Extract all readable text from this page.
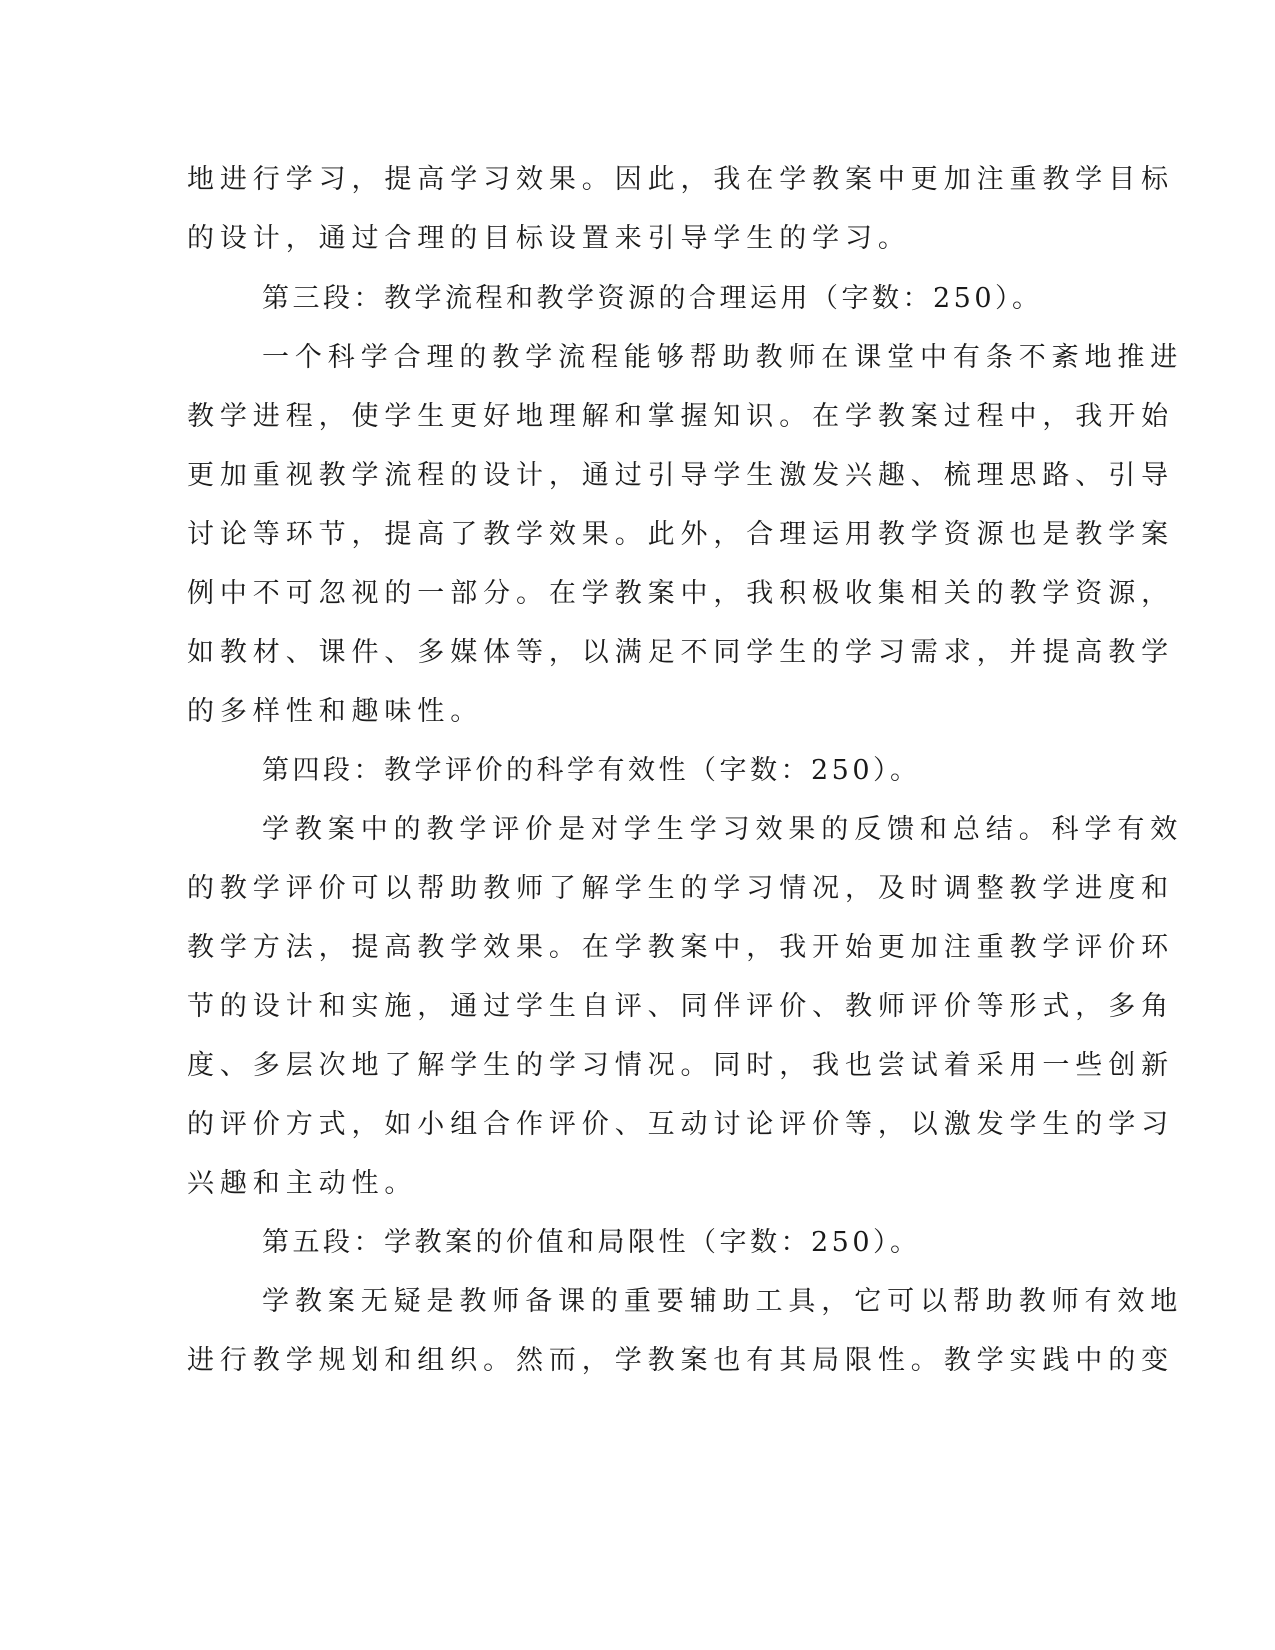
地进行学习，提高学习效果。因此，我在学教案中更加注重教学目标

的设计，通过合理的目标设置来引导学生的学习。

第三段：教学流程和教学资源的合理运用（字数：250）。

一个科学合理的教学流程能够帮助教师在课堂中有条不紊地推进

教学进程，使学生更好地理解和掌握知识。在学教案过程中，我开始

更加重视教学流程的设计，通过引导学生激发兴趣、梳理思路、引导

讨论等环节，提高了教学效果。此外，合理运用教学资源也是教学案

例中不可忽视的一部分。在学教案中，我积极收集相关的教学资源，

如教材、课件、多媒体等，以满足不同学生的学习需求，并提高教学

的多样性和趣味性。

第四段：教学评价的科学有效性（字数：250）。

学教案中的教学评价是对学生学习效果的反馈和总结。科学有效

的教学评价可以帮助教师了解学生的学习情况，及时调整教学进度和

教学方法，提高教学效果。在学教案中，我开始更加注重教学评价环

节的设计和实施，通过学生自评、同伴评价、教师评价等形式，多角

度、多层次地了解学生的学习情况。同时，我也尝试着采用一些创新

的评价方式，如小组合作评价、互动讨论评价等，以激发学生的学习

兴趣和主动性。

第五段：学教案的价值和局限性（字数：250）。

学教案无疑是教师备课的重要辅助工具，它可以帮助教师有效地

进行教学规划和组织。然而，学教案也有其局限性。教学实践中的变
